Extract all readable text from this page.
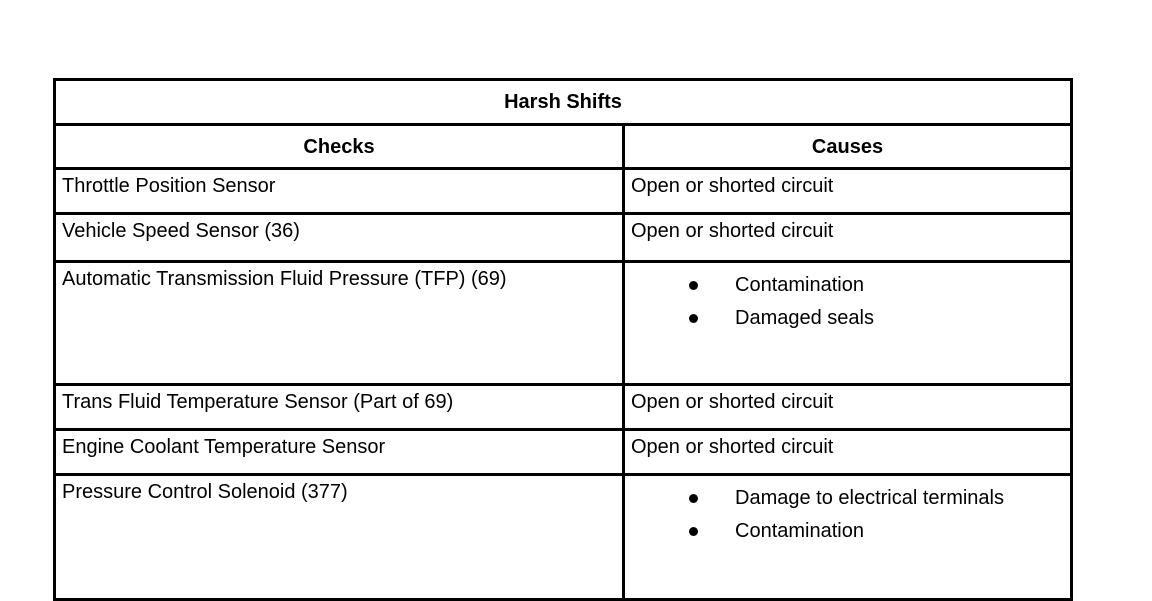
Harsh Shifts	
Checks	Causes
Throttle Position Sensor	Open or shorted circuit
Vehicle Speed Sensor (36)	Open or shorted circuit
Automatic Transmission Fluid Pressure (TFP) (69)	Contamination
Damaged seals

Trans Fluid Temperature Sensor (Part of 69)	Open or shorted circuit
Engine Coolant Temperature Sensor	Open or shorted circuit
Pressure Control Solenoid (377)	Damage to electrical terminals
Contamination
